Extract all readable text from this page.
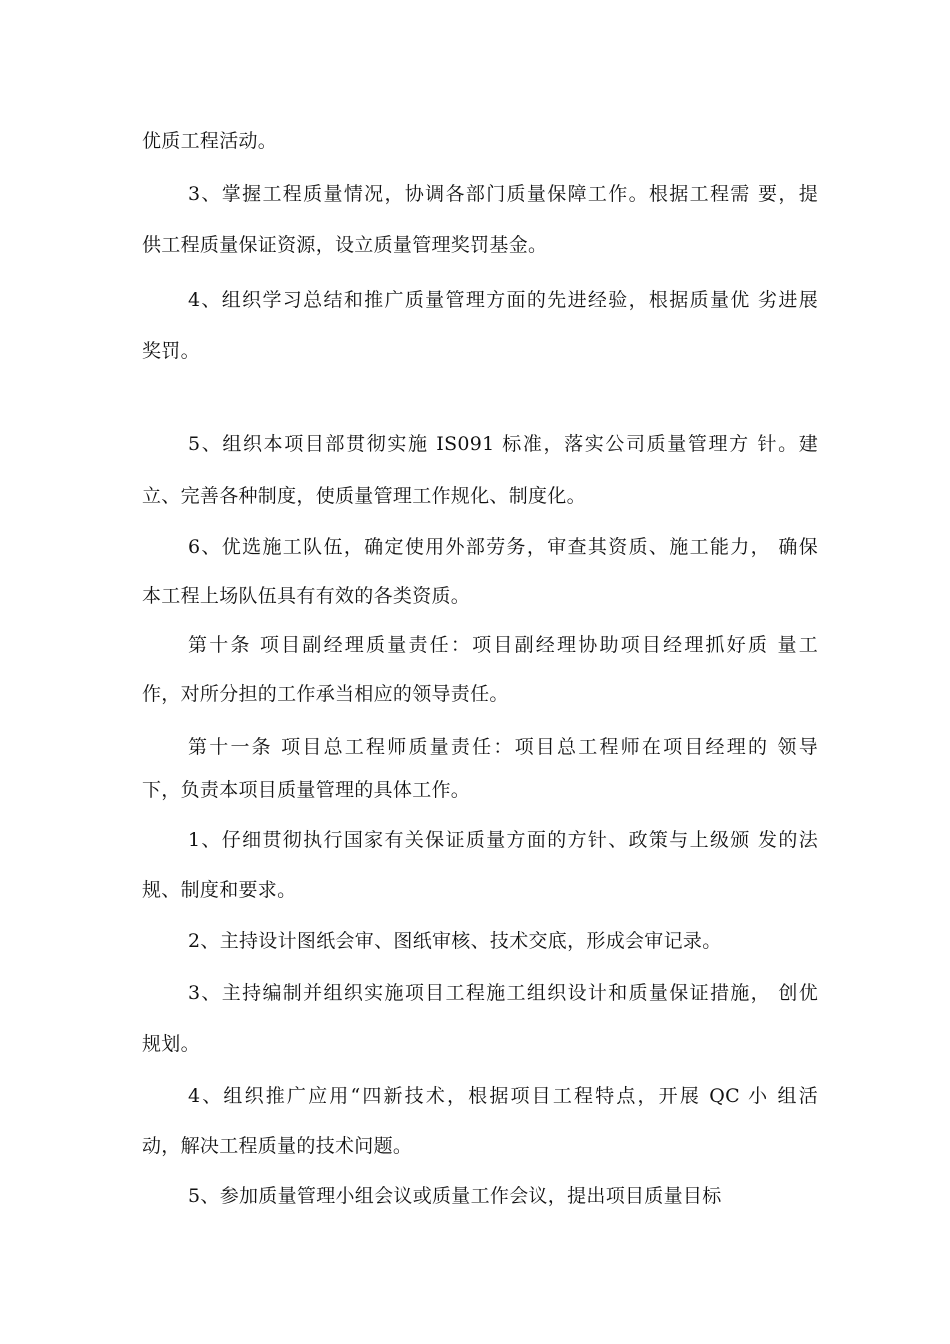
优质工程活动。
3、掌握工程质量情况，协调各部门质量保障工作。根据工程需 要，提
供工程质量保证资源，设立质量管理奖罚基金。
4、组织学习总结和推广质量管理方面的先进经验，根据质量优 劣进展
奖罚。
5、组织本项目部贯彻实施 IS091 标准，落实公司质量管理方 针。建
立、完善各种制度，使质量管理工作规化、制度化。
6、优选施工队伍，确定使用外部劳务，审查其资质、施工能力， 确保
本工程上场队伍具有有效的各类资质。
第十条 项目副经理质量责任：项目副经理协助项目经理抓好质 量工
作，对所分担的工作承当相应的领导责任。
第十一条 项目总工程师质量责任：项目总工程师在项目经理的 领导
下，负责本项目质量管理的具体工作。
1、仔细贯彻执行国家有关保证质量方面的方针、政策与上级颁 发的法
规、制度和要求。
2、主持设计图纸会审、图纸审核、技术交底，形成会审记录。
3、主持编制并组织实施项目工程施工组织设计和质量保证措施， 创优
规划。
4、组织推广应用“四新技术，根据项目工程特点，开展 QC 小 组活
动，解决工程质量的技术问题。
5、参加质量管理小组会议或质量工作会议，提出项目质量目标
